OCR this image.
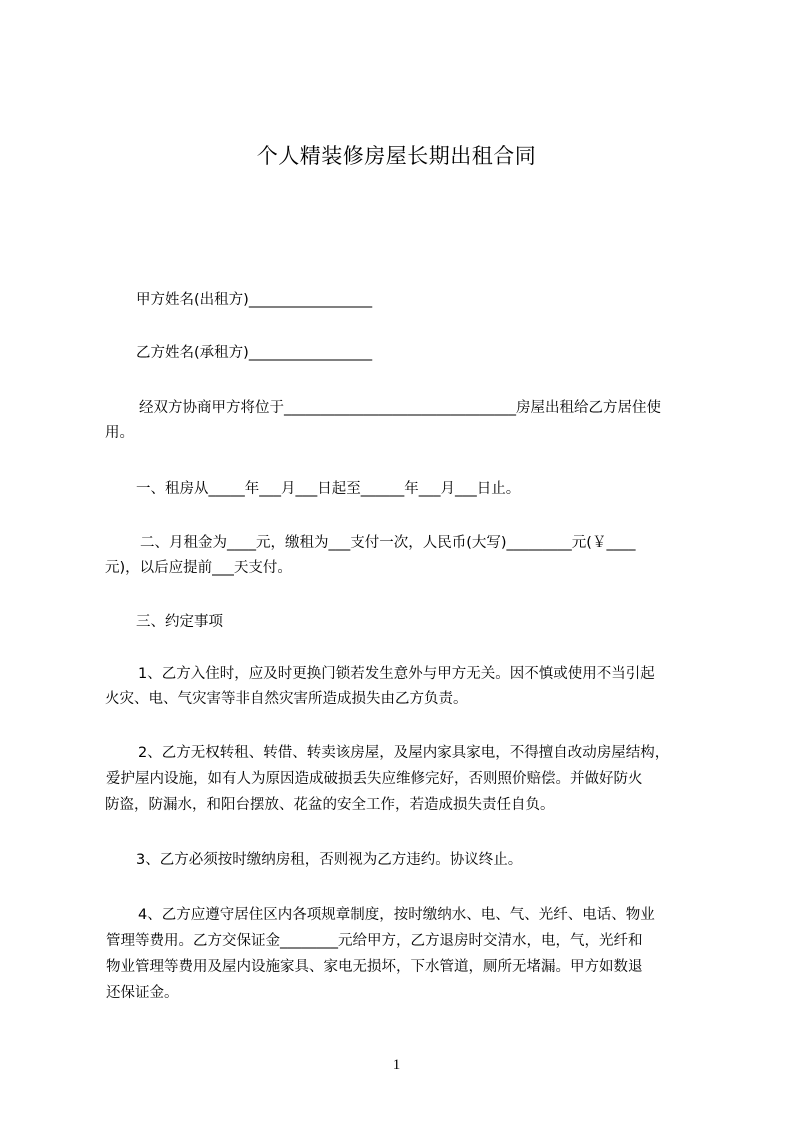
个人精装修房屋长期出租合同
甲方姓名(出租方)_________________
乙方姓名(承租方)_________________
经双方协商甲方将位于________________________________房屋出租给乙方居住使
用。
一、租房从_____年___月___日起至______年___月___日止。
二、月租金为____元，缴租为___支付一次，人民币(大写)_________元(￥____
元)，以后应提前___天支付。
三、约定事项
1、乙方入住时，应及时更换门锁若发生意外与甲方无关。因不慎或使用不当引起
火灾、电、气灾害等非自然灾害所造成损失由乙方负责。
2、乙方无权转租、转借、转卖该房屋，及屋内家具家电，不得擅自改动房屋结构，
爱护屋内设施，如有人为原因造成破损丢失应维修完好，否则照价赔偿。并做好防火
防盗，防漏水，和阳台摆放、花盆的安全工作，若造成损失责任自负。
3、乙方必须按时缴纳房租，否则视为乙方违约。协议终止。
4、乙方应遵守居住区内各项规章制度，按时缴纳水、电、气、光纤、电话、物业
管理等费用。乙方交保证金________元给甲方，乙方退房时交清水，电，气，光纤和
物业管理等费用及屋内设施家具、家电无损坏，下水管道，厕所无堵漏。甲方如数退
还保证金。
1
